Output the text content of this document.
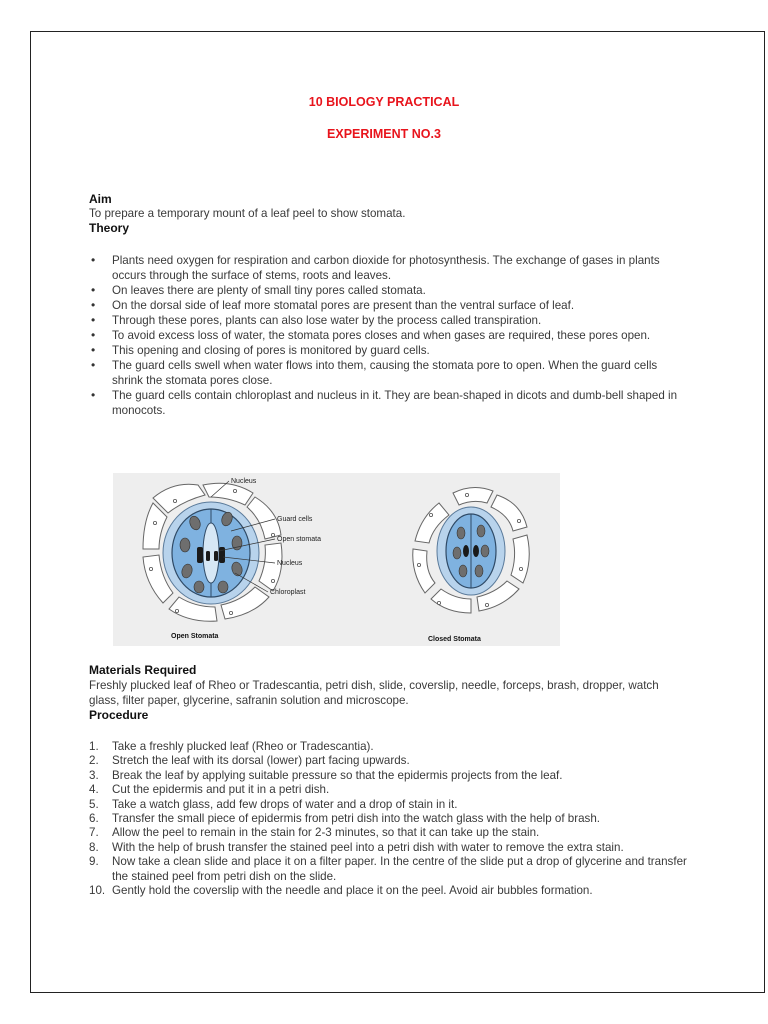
10 BIOLOGY PRACTICAL
EXPERIMENT NO.3
Aim
To prepare a temporary mount of a leaf peel to show stomata.
Theory
• Plants need oxygen for respiration and carbon dioxide for photosynthesis. The exchange of gases in plants occurs through the surface of stems, roots and leaves.
• On leaves there are plenty of small tiny pores called stomata.
• On the dorsal side of leaf more stomatal pores are present than the ventral surface of leaf.
• Through these pores, plants can also lose water by the process called transpiration.
• To avoid excess loss of water, the stomata pores closes and when gases are required, these pores open.
• This opening and closing of pores is monitored by guard cells.
• The guard cells swell when water flows into them, causing the stomata pore to open. When the guard cells shrink the stomata pores close.
• The guard cells contain chloroplast and nucleus in it. They are bean-shaped in dicots and dumb-bell shaped in monocots.
Nucleus
Guard cells
Open stomata
Nucleus
Chloroplast
Open Stomata	Closed Stomata
Materials Required
Freshly plucked leaf of Rheo or Tradescantia, petri dish, slide, coverslip, needle, forceps, brash, dropper, watch glass, filter paper, glycerine, safranin solution and microscope.
Procedure
1. Take a freshly plucked leaf (Rheo or Tradescantia).
2. Stretch the leaf with its dorsal (lower) part facing upwards.
3. Break the leaf by applying suitable pressure so that the epidermis projects from the leaf.
4. Cut the epidermis and put it in a petri dish.
5. Take a watch glass, add few drops of water and a drop of stain in it.
6. Transfer the small piece of epidermis from petri dish into the watch glass with the help of brash.
7. Allow the peel to remain in the stain for 2-3 minutes, so that it can take up the stain.
8. With the help of brush transfer the stained peel into a petri dish with water to remove the extra stain.
9. Now take a clean slide and place it on a filter paper. In the centre of the slide put a drop of glycerine and transfer the stained peel from petri dish on the slide.
10. Gently hold the coverslip with the needle and place it on the peel. Avoid air bubbles formation.
